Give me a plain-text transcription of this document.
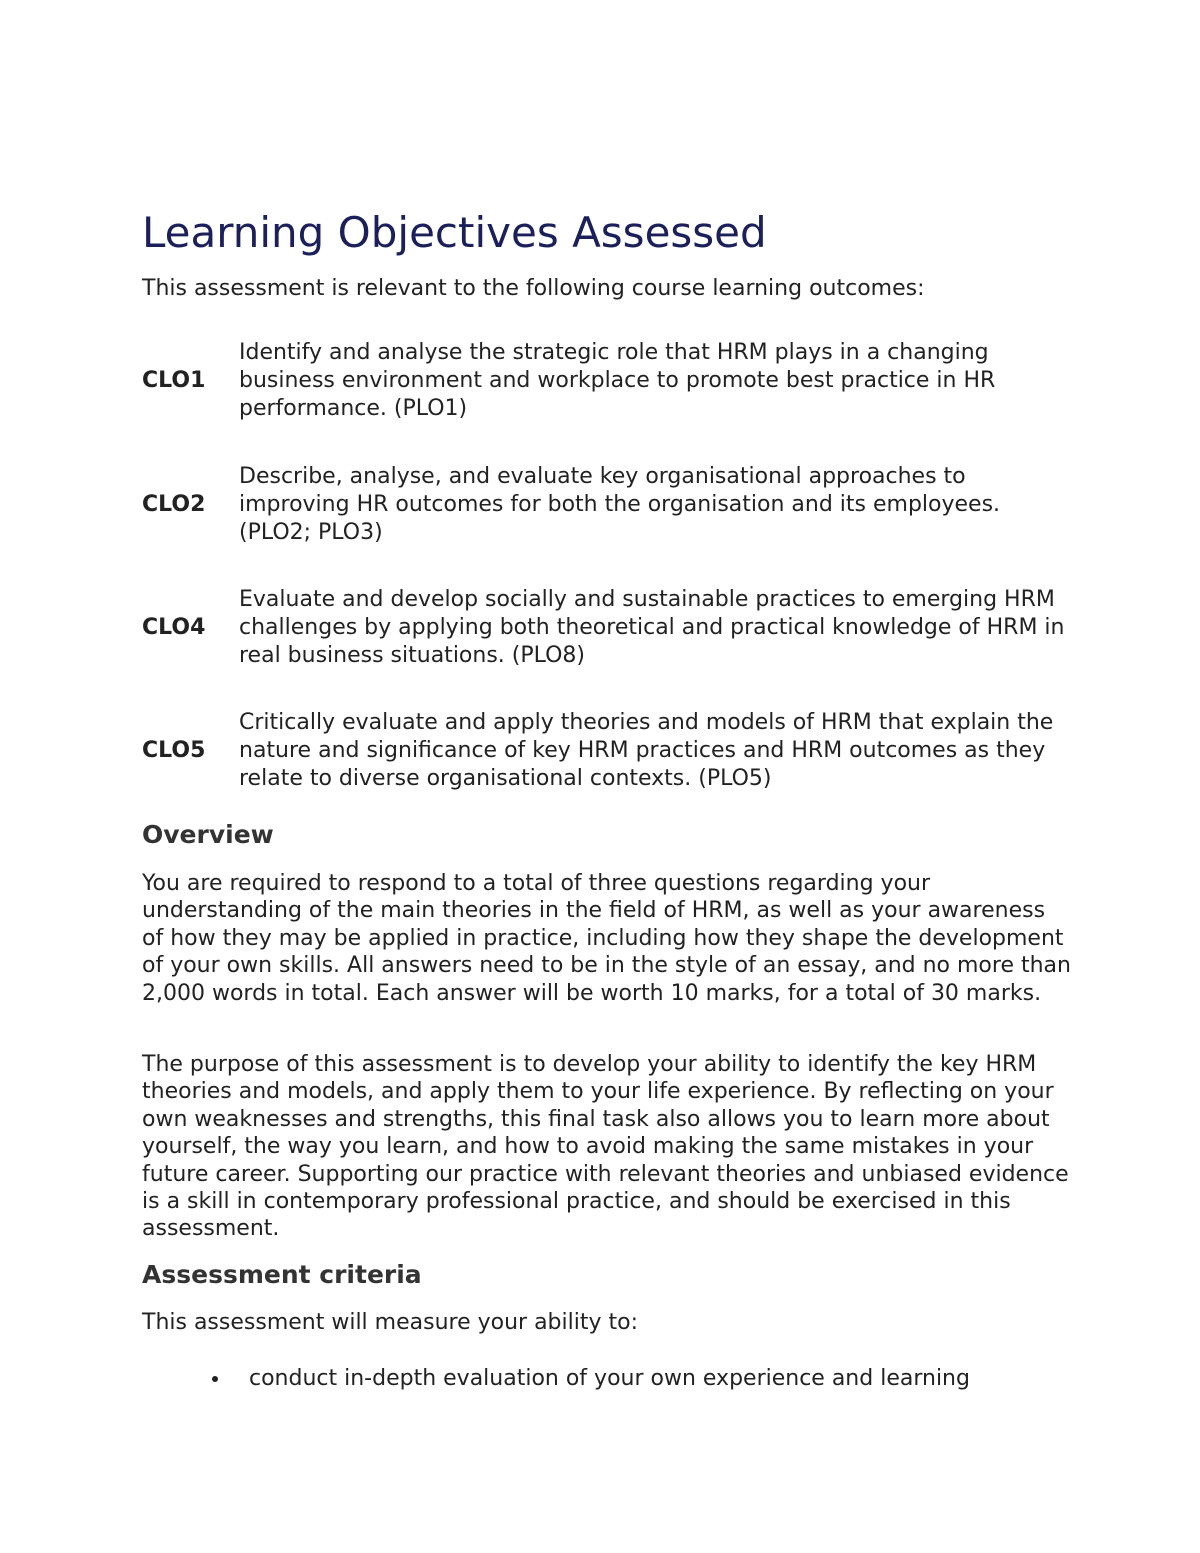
Learning Objectives Assessed

This assessment is relevant to the following course learning outcomes:

CLO1

Identify and analyse the strategic role that HRM plays in a changing business environment and workplace to promote best practice in HR performance. (PLO1)

CLO2

Describe, analyse, and evaluate key organisational approaches to improving HR outcomes for both the organisation and its employees. (PLO2; PLO3)

CLO4

Evaluate and develop socially and sustainable practices to emerging HRM challenges by applying both theoretical and practical knowledge of HRM in real business situations. (PLO8)

CLO5

Critically evaluate and apply theories and models of HRM that explain the nature and significance of key HRM practices and HRM outcomes as they relate to diverse organisational contexts. (PLO5)

Overview

You are required to respond to a total of three questions regarding your understanding of the main theories in the field of HRM, as well as your awareness of how they may be applied in practice, including how they shape the development of your own skills. All answers need to be in the style of an essay, and no more than 2,000 words in total. Each answer will be worth 10 marks, for a total of 30 marks.

The purpose of this assessment is to develop your ability to identify the key HRM theories and models, and apply them to your life experience. By reflecting on your own weaknesses and strengths, this final task also allows you to learn more about yourself, the way you learn, and how to avoid making the same mistakes in your future career. Supporting our practice with relevant theories and unbiased evidence is a skill in contemporary professional practice, and should be exercised in this assessment.

Assessment criteria

This assessment will measure your ability to:

conduct in-depth evaluation of your own experience and learning
